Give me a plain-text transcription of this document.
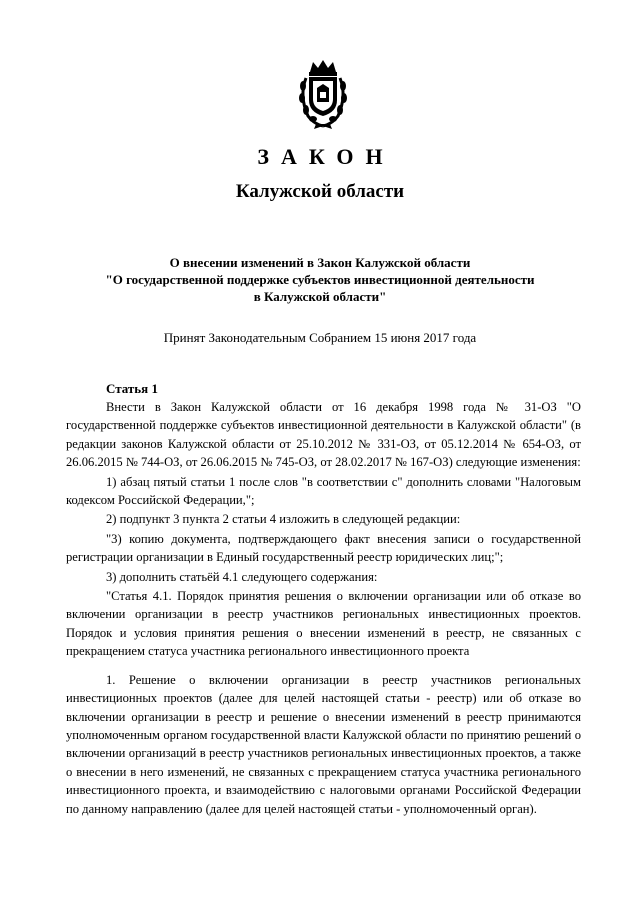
ЗАКОН
Калужской области
О внесении изменений в Закон Калужской области
"О государственной поддержке субъектов инвестиционной деятельности
в Калужской области"
Принят Законодательным Собранием 15 июня 2017 года
Статья 1

Внести в Закон Калужской области от 16 декабря 1998 года № 31-ОЗ "О государственной поддержке субъектов инвестиционной деятельности в Калужской области" (в редакции законов Калужской области от 25.10.2012 № 331-ОЗ, от 05.12.2014 № 654-ОЗ, от 26.06.2015 № 744-ОЗ, от 26.06.2015 № 745-ОЗ, от 28.02.2017 № 167-ОЗ) следующие изменения:

1) абзац пятый статьи 1 после слов "в соответствии с" дополнить словами "Налоговым кодексом Российской Федерации,";

2) подпункт 3 пункта 2 статьи 4 изложить в следующей редакции:

"3) копию документа, подтверждающего факт внесения записи о государственной регистрации организации в Единый государственный реестр юридических лиц;";

3) дополнить статьёй 4.1 следующего содержания:

"Статья 4.1. Порядок принятия решения о включении организации или об отказе во включении организации в реестр участников региональных инвестиционных проектов. Порядок и условия принятия решения о внесении изменений в реестр, не связанных с прекращением статуса участника регионального инвестиционного проекта

1. Решение о включении организации в реестр участников региональных инвестиционных проектов (далее для целей настоящей статьи - реестр) или об отказе во включении организации в реестр и решение о внесении изменений в реестр принимаются уполномоченным органом государственной власти Калужской области по принятию решений о включении организаций в реестр участников региональных инвестиционных проектов, а также о внесении в него изменений, не связанных с прекращением статуса участника регионального инвестиционного проекта, и взаимодействию с налоговыми органами Российской Федерации по данному направлению (далее для целей настоящей статьи - уполномоченный орган).
